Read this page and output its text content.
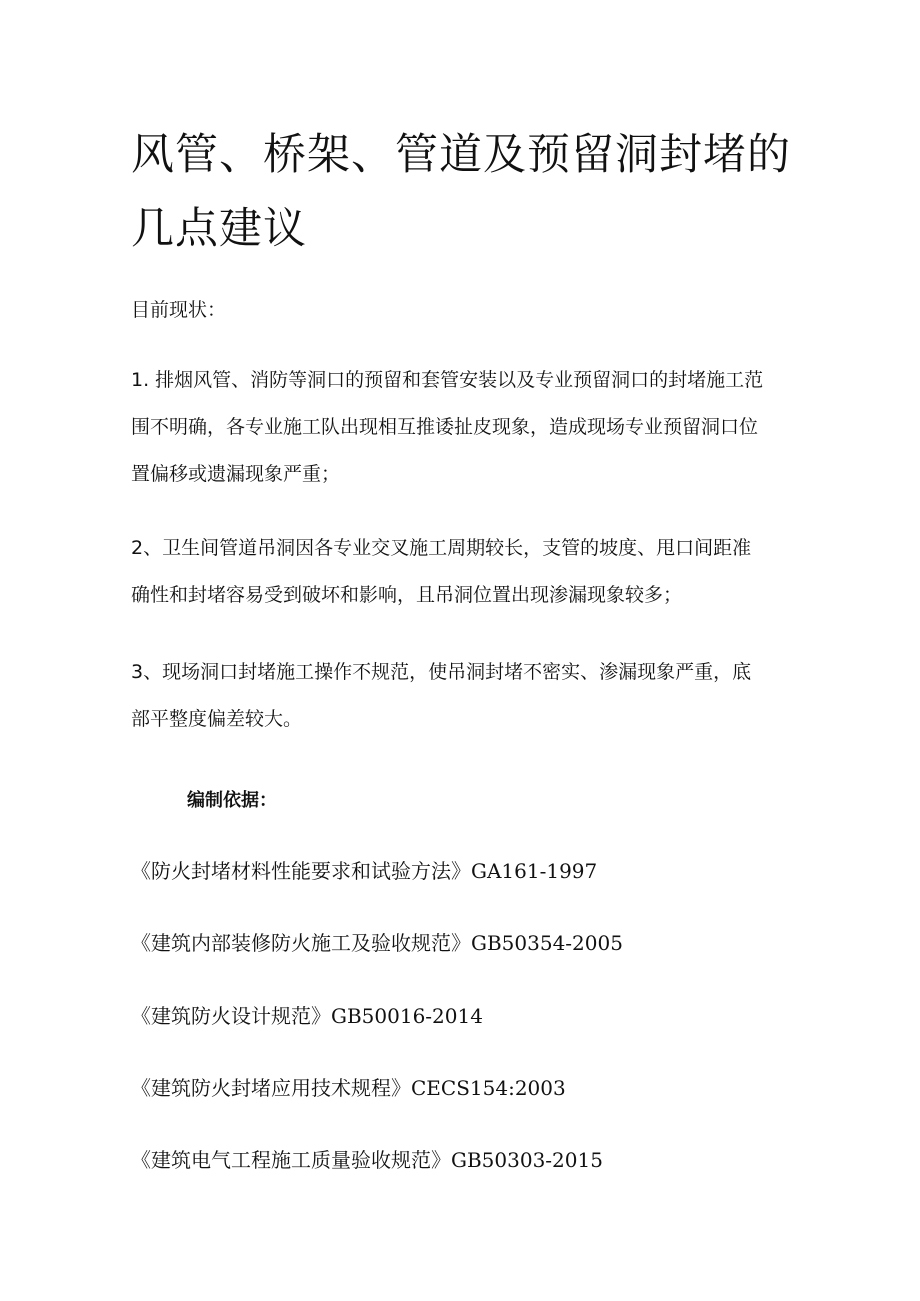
风管、桥架、管道及预留洞封堵的
几点建议

目前现状：

1. 排烟风管、消防等洞口的预留和套管安装以及专业预留洞口的封堵施工范
围不明确，各专业施工队出现相互推诿扯皮现象，造成现场专业预留洞口位
置偏移或遗漏现象严重；
2、卫生间管道吊洞因各专业交叉施工周期较长，支管的坡度、甩口间距准
确性和封堵容易受到破坏和影响，且吊洞位置出现渗漏现象较多；
3、现场洞口封堵施工操作不规范，使吊洞封堵不密实、渗漏现象严重，底
部平整度偏差较大。

编制依据：

《防火封堵材料性能要求和试验方法》GA161-1997

《建筑内部装修防火施工及验收规范》GB50354-2005

《建筑防火设计规范》GB50016-2014

《建筑防火封堵应用技术规程》CECS154:2003

《建筑电气工程施工质量验收规范》GB50303-2015
